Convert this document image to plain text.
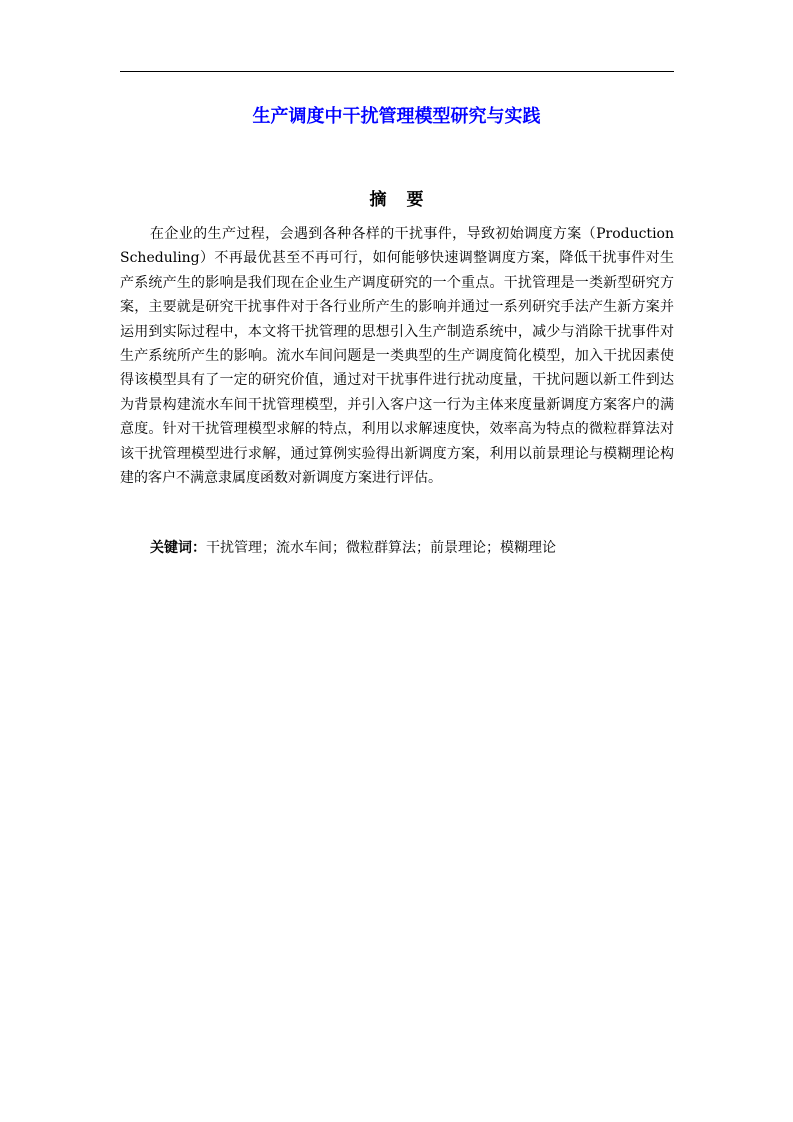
生产调度中干扰管理模型研究与实践
摘要

在企业的生产过程，会遇到各种各样的干扰事件，导致初始调度方案（Production Scheduling）不再最优甚至不再可行，如何能够快速调整调度方案，降低干扰事件对生产系统产生的影响是我们现在企业生产调度研究的一个重点。干扰管理是一类新型研究方案，主要就是研究干扰事件对于各行业所产生的影响并通过一系列研究手法产生新方案并运用到实际过程中，本文将干扰管理的思想引入生产制造系统中，减少与消除干扰事件对生产系统所产生的影响。流水车间问题是一类典型的生产调度简化模型，加入干扰因素使得该模型具有了一定的研究价值，通过对干扰事件进行扰动度量，干扰问题以新工件到达为背景构建流水车间干扰管理模型，并引入客户这一行为主体来度量新调度方案客户的满意度。针对干扰管理模型求解的特点，利用以求解速度快，效率高为特点的微粒群算法对该干扰管理模型进行求解，通过算例实验得出新调度方案，利用以前景理论与模糊理论构建的客户不满意隶属度函数对新调度方案进行评估。

关键词：干扰管理；流水车间；微粒群算法；前景理论；模糊理论
